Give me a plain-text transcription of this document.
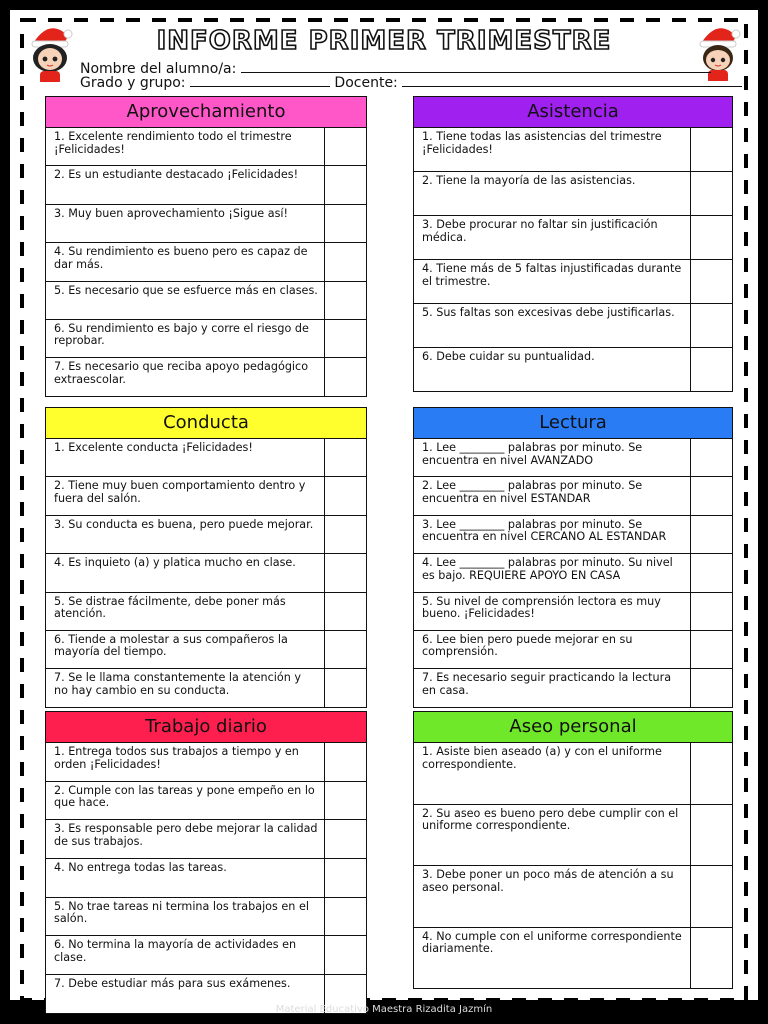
INFORME PRIMER TRIMESTRE
Nombre del alumno/a:
Grado y grupo:	Docente:
Aprovechamiento
1. Excelente rendimiento todo el trimestre ¡Felicidades!
2. Es un estudiante destacado ¡Felicidades!
3. Muy buen aprovechamiento ¡Sigue así!
4. Su rendimiento es bueno pero es capaz de dar más.
5. Es necesario que se esfuerce más en clases.
6. Su rendimiento es bajo y corre el riesgo de reprobar.
7. Es necesario que reciba apoyo pedagógico extraescolar.
Asistencia
1. Tiene todas las asistencias del trimestre ¡Felicidades!
2. Tiene la mayoría de las asistencias.
3. Debe procurar no faltar sin justificación médica.
4. Tiene más de 5 faltas injustificadas durante el trimestre.
5. Sus faltas son excesivas debe justificarlas.
6. Debe cuidar su puntualidad.
Conducta
1. Excelente conducta ¡Felicidades!
2. Tiene muy buen comportamiento dentro y fuera del salón.
3. Su conducta es buena, pero puede mejorar.
4. Es inquieto (a) y platica mucho en clase.
5. Se distrae fácilmente, debe poner más atención.
6. Tiende a molestar a sus compañeros la mayoría del tiempo.
7. Se le llama constantemente la atención y no hay cambio en su conducta.
Lectura
1. Lee ________ palabras por minuto. Se encuentra en nivel AVANZADO
2. Lee ________ palabras por minuto. Se encuentra en nivel ESTANDAR
3. Lee ________ palabras por minuto. Se encuentra en nivel CERCANO AL ESTANDAR
4. Lee ________ palabras por minuto. Su nivel es bajo. REQUIERE APOYO EN CASA
5. Su nivel de comprensión lectora es muy bueno. ¡Felicidades!
6. Lee bien pero puede mejorar en su comprensión.
7. Es necesario seguir practicando la lectura en casa.
Trabajo diario
1. Entrega todos sus trabajos a tiempo y en orden ¡Felicidades!
2. Cumple con las tareas y pone empeño en lo que hace.
3. Es responsable pero debe mejorar la calidad de sus trabajos.
4. No entrega todas las tareas.
5. No trae tareas ni termina los trabajos en el salón.
6. No termina la mayoría de actividades en clase.
7. Debe estudiar más para sus exámenes.
Aseo personal
1. Asiste bien aseado (a) y con el uniforme correspondiente.
2. Su aseo es bueno pero debe cumplir con el uniforme correspondiente.
3. Debe poner un poco más de atención a su aseo personal.
4. No cumple con el uniforme correspondiente diariamente.
Material Educativo Maestra Rizadita Jazmín
